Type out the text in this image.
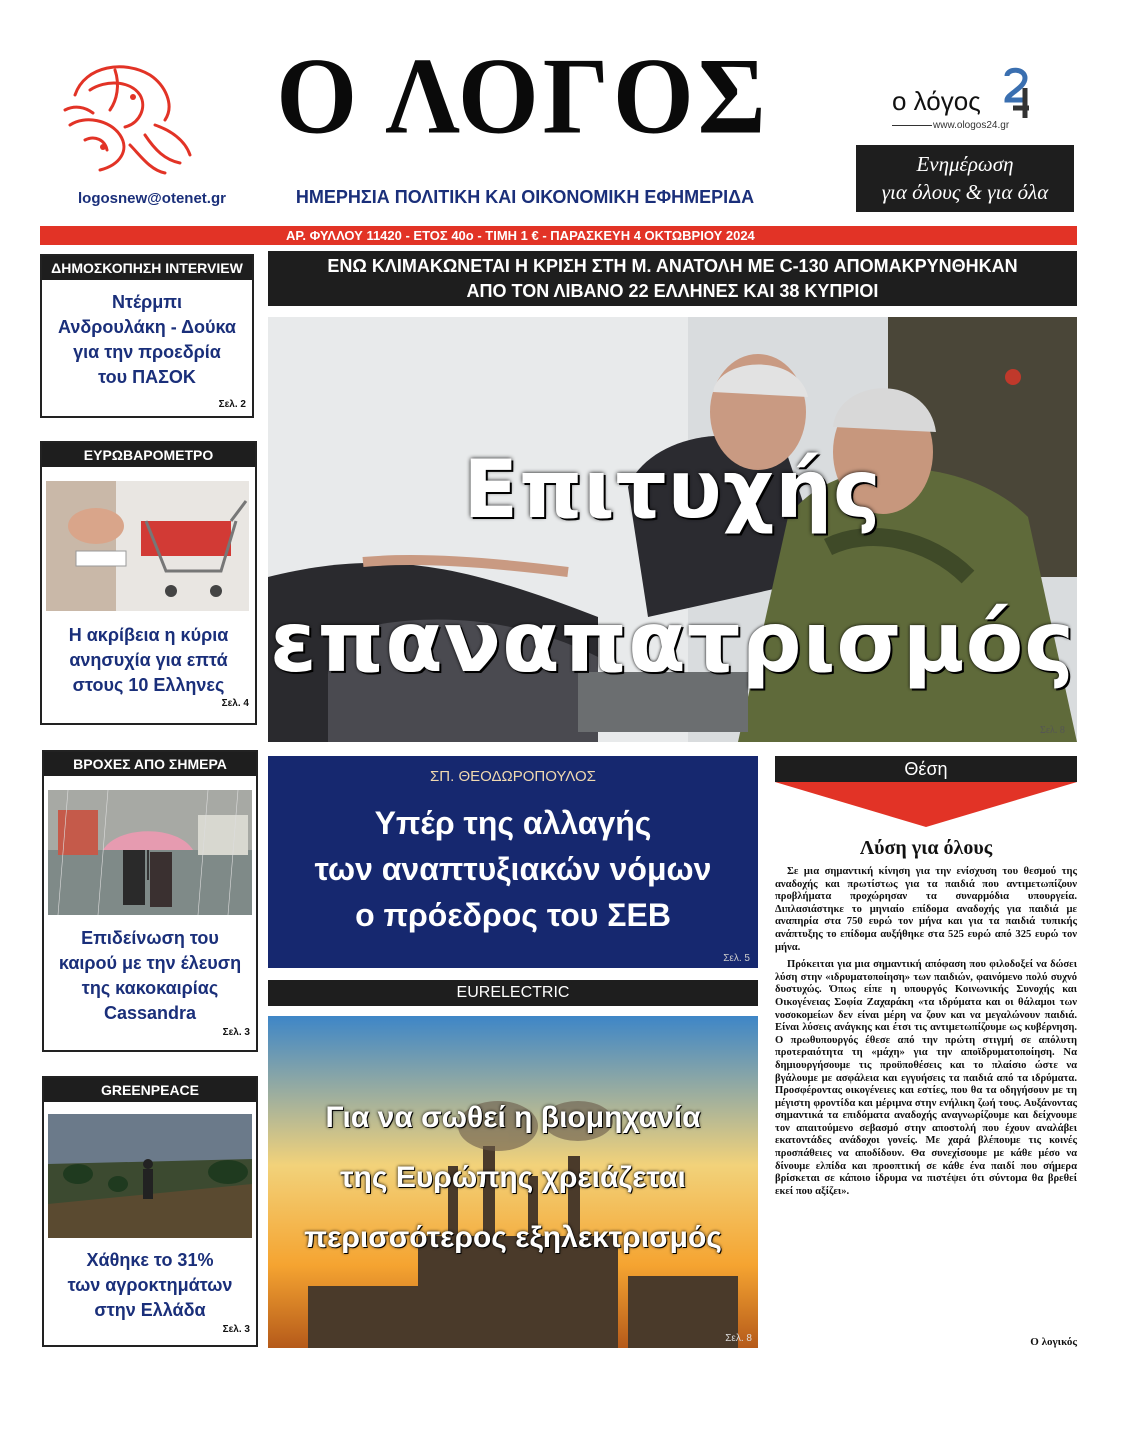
logosnew@otenet.gr
Ο ΛΟΓΟΣ
ΗΜΕΡΗΣΙΑ ΠΟΛΙΤΙΚΗ ΚΑΙ ΟΙΚΟΝΟΜΙΚΗ ΕΦΗΜΕΡΙΔΑ
ο λόγος
www.ologos24.gr
Ενημέρωση
για όλους & για όλα
ΑΡ. ΦΥΛΛΟΥ 11420 - ΕΤΟΣ 40ο - ΤΙΜΗ 1 € - ΠΑΡΑΣΚΕΥΗ 4 ΟΚΤΩΒΡΙΟΥ 2024
ΔΗΜΟΣΚΟΠΗΣΗ INTERVIEW
Ντέρμπι
Ανδρουλάκη - Δούκα
για την προεδρία
του ΠΑΣΟΚ
Σελ. 2
ΕΥΡΩΒΑΡΟΜΕΤΡΟ
Η ακρίβεια η κύρια
ανησυχία για επτά
στους 10 Ελληνες
Σελ. 4
ΒΡΟΧΕΣ ΑΠΟ ΣΗΜΕΡΑ
Επιδείνωση του
καιρού με την έλευση
της κακοκαιρίας
Cassandra
Σελ. 3
GREENPEACE
Χάθηκε το 31%
των αγροκτημάτων
στην Ελλάδα
Σελ. 3
ΕΝΩ ΚΛΙΜΑΚΩΝΕΤΑΙ Η ΚΡΙΣΗ ΣΤΗ Μ. ΑΝΑΤΟΛΗ ΜΕ C-130 ΑΠΟΜΑΚΡΥΝΘΗΚΑΝ
ΑΠΟ ΤΟΝ ΛΙΒΑΝΟ 22 ΕΛΛΗΝΕΣ ΚΑΙ 38 ΚΥΠΡΙΟΙ
Επιτυχής
επαναπατρισμός
Σελ. 8
ΣΠ. ΘΕΟΔΩΡΟΠΟΥΛΟΣ
Υπέρ της αλλαγής
των αναπτυξιακών νόμων
ο πρόεδρος του ΣΕΒ
Σελ. 5
EURELECTRIC
Για να σωθεί η βιομηχανία
της Ευρώπης χρειάζεται
περισσότερος εξηλεκτρισμός
Σελ. 8
Θέση
Λύση για όλους

Σε μια σημαντική κίνηση για την ενίσχυση του θεσμού της αναδοχής και πρωτίστως για τα παιδιά που αντιμετωπίζουν προβλήματα προχώρησαν τα συναρμόδια υπουργεία. Διπλασιάστηκε το μηνιαίο επίδομα αναδοχής για παιδιά με αναπηρία στα 750 ευρώ τον μήνα και για τα παιδιά τυπικής ανάπτυξης το επίδομα αυξήθηκε στα 525 ευρώ από 325 ευρώ τον μήνα.

Πρόκειται για μια σημαντική απόφαση που φιλοδοξεί να δώσει λύση στην «ιδρυματοποίηση» των παιδιών, φαινόμενο πολύ συχνό δυστυχώς. Όπως είπε η υπουργός Κοινωνικής Συνοχής και Οικογένειας Σοφία Ζαχαράκη «τα ιδρύματα και οι θάλαμοι των νοσοκομείων δεν είναι μέρη να ζουν και να μεγαλώνουν παιδιά. Είναι λύσεις ανάγκης και έτσι τις αντιμετωπίζουμε ως κυβέρνηση. Ο πρωθυπουργός έθεσε από την πρώτη στιγμή σε απόλυτη προτεραιότητα τη «μάχη» για την αποϊδρυματοποίηση. Να δημιουργήσουμε τις προϋποθέσεις και το πλαίσιο ώστε να βγάλουμε με ασφάλεια και εγγυήσεις τα παιδιά από τα ιδρύματα. Προσφέροντας οικογένειες και εστίες, που θα τα οδηγήσουν με τη μέγιστη φροντίδα και μέριμνα στην ενήλικη ζωή τους. Αυξάνοντας σημαντικά τα επιδόματα αναδοχής αναγνωρίζουμε και δείχνουμε τον απαιτούμενο σεβασμό στην αποστολή που έχουν αναλάβει εκατοντάδες ανάδοχοι γονείς. Με χαρά βλέπουμε τις κοινές προσπάθειες να αποδίδουν. Θα συνεχίσουμε με κάθε μέσο να δίνουμε ελπίδα και προοπτική σε κάθε ένα παιδί που σήμερα βρίσκεται σε κάποιο ίδρυμα να πιστέψει ότι σύντομα θα βρεθεί εκεί που αξίζει».

Ο λογικός
